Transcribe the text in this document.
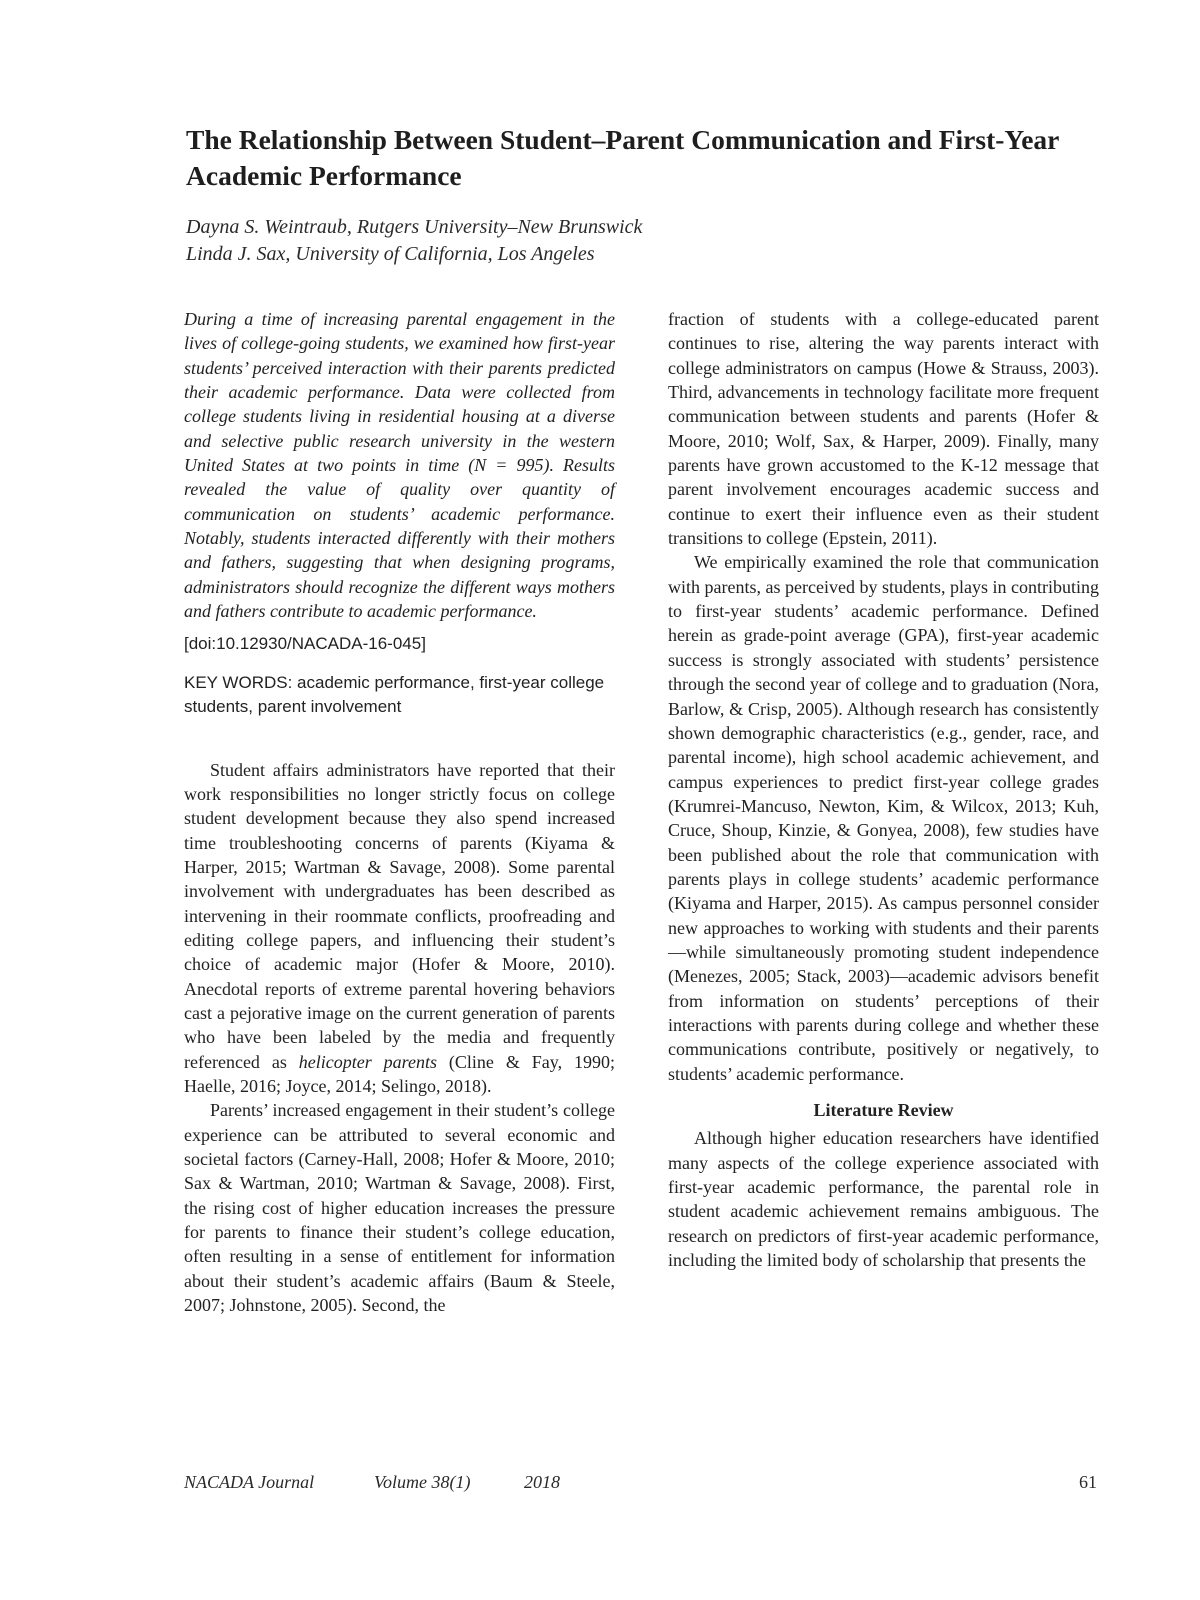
The Relationship Between Student–Parent Communication and First-Year Academic Performance
Dayna S. Weintraub, Rutgers University–New Brunswick
Linda J. Sax, University of California, Los Angeles

During a time of increasing parental engagement in the lives of college-going students, we examined how first-year students’ perceived interaction with their parents predicted their academic performance. Data were collected from college students living in residential housing at a diverse and selective public research university in the western United States at two points in time (N = 995). Results revealed the value of quality over quantity of communication on students’ academic performance. Notably, students interacted differently with their mothers and fathers, suggesting that when designing programs, administrators should recognize the different ways mothers and fathers contribute to academic performance.

[doi:10.12930/NACADA-16-045]

KEY WORDS: academic performance, first-year college students, parent involvement

Student affairs administrators have reported that their work responsibilities no longer strictly focus on college student development because they also spend increased time troubleshooting concerns of parents (Kiyama & Harper, 2015; Wartman & Savage, 2008). Some parental involvement with undergraduates has been described as intervening in their roommate conflicts, proofreading and editing college papers, and influencing their student’s choice of academic major (Hofer & Moore, 2010). Anecdotal reports of extreme parental hovering behaviors cast a pejorative image on the current generation of parents who have been labeled by the media and frequently referenced as helicopter parents (Cline & Fay, 1990; Haelle, 2016; Joyce, 2014; Selingo, 2018).

Parents’ increased engagement in their student’s college experience can be attributed to several economic and societal factors (Carney-Hall, 2008; Hofer & Moore, 2010; Sax & Wartman, 2010; Wartman & Savage, 2008). First, the rising cost of higher education increases the pressure for parents to finance their student’s college education, often resulting in a sense of entitlement for information about their student’s academic affairs (Baum & Steele, 2007; Johnstone, 2005). Second, the

fraction of students with a college-educated parent continues to rise, altering the way parents interact with college administrators on campus (Howe & Strauss, 2003). Third, advancements in technology facilitate more frequent communication between students and parents (Hofer & Moore, 2010; Wolf, Sax, & Harper, 2009). Finally, many parents have grown accustomed to the K-12 message that parent involvement encourages academic success and continue to exert their influence even as their student transitions to college (Epstein, 2011).

We empirically examined the role that communication with parents, as perceived by students, plays in contributing to first-year students’ academic performance. Defined herein as grade-point average (GPA), first-year academic success is strongly associated with students’ persistence through the second year of college and to graduation (Nora, Barlow, & Crisp, 2005). Although research has consistently shown demographic characteristics (e.g., gender, race, and parental income), high school academic achievement, and campus experiences to predict first-year college grades (Krumrei-Mancuso, Newton, Kim, & Wilcox, 2013; Kuh, Cruce, Shoup, Kinzie, & Gonyea, 2008), few studies have been published about the role that communication with parents plays in college students’ academic performance (Kiyama and Harper, 2015). As campus personnel consider new approaches to working with students and their parents—while simultaneously promoting student independence (Menezes, 2005; Stack, 2003)—academic advisors benefit from information on students’ perceptions of their interactions with parents during college and whether these communications contribute, positively or negatively, to students’ academic performance.

Literature Review

Although higher education researchers have identified many aspects of the college experience associated with first-year academic performance, the parental role in student academic achievement remains ambiguous. The research on predictors of first-year academic performance, including the limited body of scholarship that presents the

NACADA Journal	Volume 38(1)	2018	61
